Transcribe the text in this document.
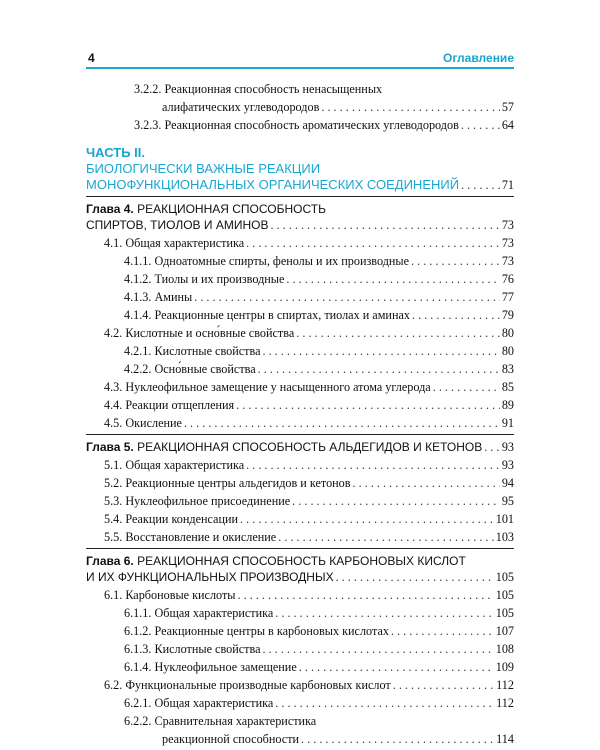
4	Оглавление
3.2.2. Реакционная способность ненасыщенных
алифатических углеводородов . . .	57
3.2.3. Реакционная способность ароматических углеводородов . . .	64
ЧАСТЬ II.
БИОЛОГИЧЕСКИ ВАЖНЫЕ РЕАКЦИИ
МОНОФУНКЦИОНАЛЬНЫХ ОРГАНИЧЕСКИХ СОЕДИНЕНИЙ . . .	71
Глава 4.
РЕАКЦИОННАЯ СПОСОБНОСТЬ
СПИРТОВ, ТИОЛОВ И АМИНОВ . . .	73
4.1. Общая характеристика . . .	73
4.1.1. Одноатомные спирты, фенолы и их производные . . .	73
4.1.2. Тиолы и их производные . . .	76
4.1.3. Амины . . .	77
4.1.4. Реакционные центры в спиртах, тиолах и аминах . . .	79
4.2. Кислотные и осно́вные свойства . . .	80
4.2.1. Кислотные свойства . . .	80
4.2.2. Осно́вные свойства . . .	83
4.3. Нуклеофильное замещение у насыщенного атома углерода . . .	85
4.4. Реакции отщепления . . .	89
4.5. Окисление . . .	91
Глава 5. РЕАКЦИОННАЯ СПОСОБНОСТЬ АЛЬДЕГИДОВ И КЕТОНОВ . . . 93
5.1. Общая характеристика . . .	93
5.2. Реакционные центры альдегидов и кетонов . . .	94
5.3. Нуклеофильное присоединение . . .	95
5.4. Реакции конденсации . . .	101
5.5. Восстановление и окисление . . .	103
Глава 6.
РЕАКЦИОННАЯ СПОСОБНОСТЬ КАРБОНОВЫХ КИСЛОТ
И ИХ ФУНКЦИОНАЛЬНЫХ ПРОИЗВОДНЫХ . . .	105
6.1. Карбоновые кислоты . . .	105
6.1.1. Общая характеристика . . .	105
6.1.2. Реакционные центры в карбоновых кислотах . . .	107
6.1.3. Кислотные свойства . . .	108
6.1.4. Нуклеофильное замещение . . .	109
6.2. Функциональные производные карбоновых кислот . . .	112
6.2.1. Общая характеристика . . .	112
6.2.2. Сравнительная характеристика
реакционной способности . . .	114
